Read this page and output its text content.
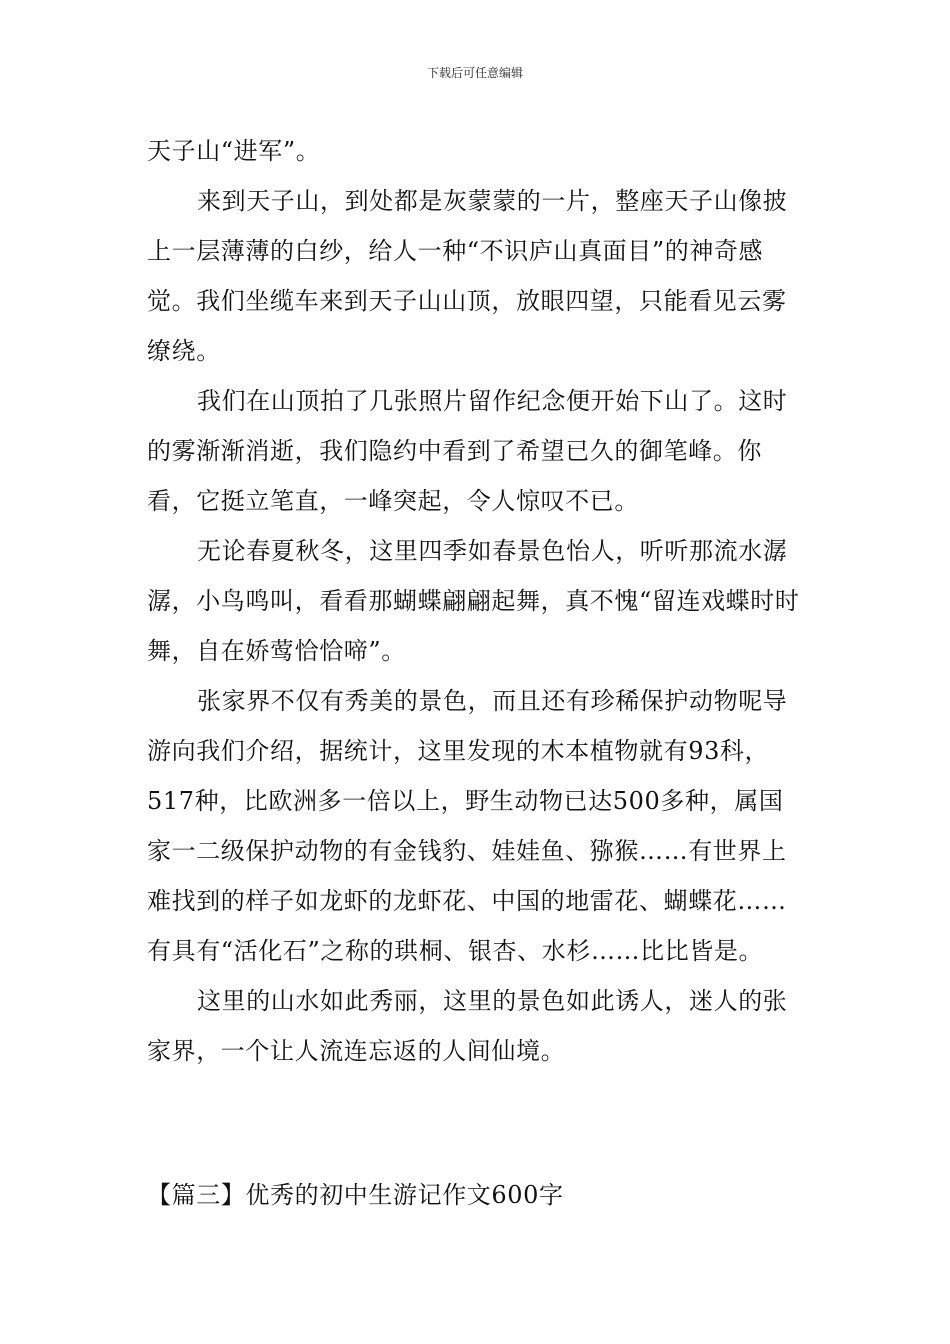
下载后可任意编辑

天子山“进军”。

来到天子山，到处都是灰蒙蒙的一片，整座天子山像披上一层薄薄的白纱，给人一种“不识庐山真面目”的神奇感觉。我们坐缆车来到天子山山顶，放眼四望，只能看见云雾缭绕。

我们在山顶拍了几张照片留作纪念便开始下山了。这时的雾渐渐消逝，我们隐约中看到了希望已久的御笔峰。你看，它挺立笔直，一峰突起，令人惊叹不已。

无论春夏秋冬，这里四季如春景色怡人，听听那流水潺潺，小鸟鸣叫，看看那蝴蝶翩翩起舞，真不愧“留连戏蝶时时舞，自在娇莺恰恰啼”。

张家界不仅有秀美的景色，而且还有珍稀保护动物呢导游向我们介绍，据统计，这里发现的木本植物就有93科，517种，比欧洲多一倍以上，野生动物已达500多种，属国家一二级保护动物的有金钱豹、娃娃鱼、猕猴……有世界上难找到的样子如龙虾的龙虾花、中国的地雷花、蝴蝶花……有具有“活化石”之称的珙桐、银杏、水杉……比比皆是。

这里的山水如此秀丽，这里的景色如此诱人，迷人的张家界，一个让人流连忘返的人间仙境。

【篇三】优秀的初中生游记作文600字
